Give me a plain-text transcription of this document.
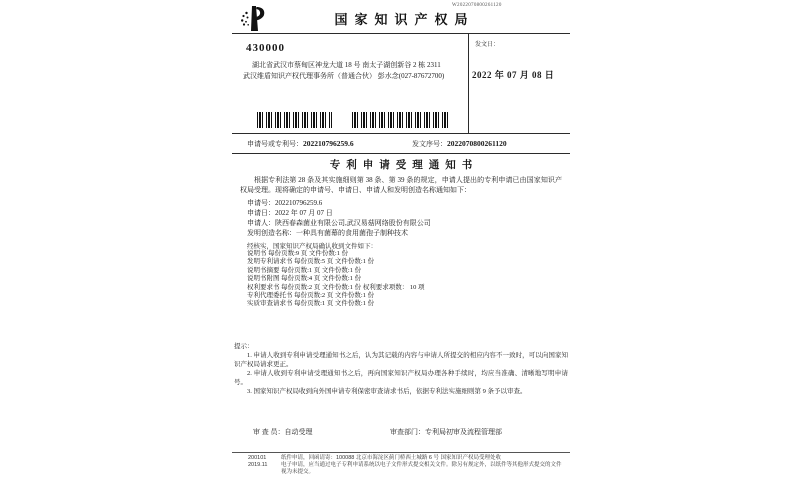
国家知识产权局
W2022070800261120
430000
湖北省武汉市蔡甸区神龙大道 18 号 南太子湖创新谷 2 栋 2311
武汉维盾知识产权代理事务所（普通合伙） 彭水念(027-87672700)
发文日：
2022 年 07 月 08 日
申请号或专利号：202210796259.6	发文序号：2022070800261120
专利申请受理通知书

根据专利法第 28 条及其实施细则第 38 条、第 39 条的规定，申请人提出的专利申请已由国家知识产权局受理。现将确定的申请号、申请日、申请人和发明创造名称通知如下：

申请号：202210796259.6
申请日：2022 年 07 月 07 日
申请人：陕西春森菌业有限公司,武汉易菇网络股份有限公司
发明创造名称：一种具有菌幕的食用菌孢子制种技术
经核实，国家知识产权局确认收到文件如下：
说明书 每份页数:9 页 文件份数:1 份
发明专利请求书 每份页数:5 页 文件份数:1 份
说明书摘要 每份页数:1 页 文件份数:1 份
说明书附图 每份页数:4 页 文件份数:1 份
权利要求书 每份页数:2 页 文件份数:1 份 权利要求项数： 10 项
专利代理委托书 每份页数:2 页 文件份数:1 份
实质审查请求书 每份页数:1 页 文件份数:1 份

提示：

1. 申请人收到专利申请受理通知书之后，认为其记载的内容与申请人所提交的相应内容不一致时，可以向国家知识产权局请求更正。

2. 申请人收到专利申请受理通知书之后，再向国家知识产权局办理各种手续时，均应当准确、清晰地写明申请号。

3. 国家知识产权局收到向外国申请专利保密审查请求书后，依据专利法实施细则第 9 条予以审查。

审 查 员：自动受理	审查部门：专利局初审及流程管理部
200101	纸件申请，回函请寄：100088 北京市海淀区蓟门桥西土城路 6 号 国家知识产权局受理处收
2019.11	电子申请，应当通过电子专利申请系统以电子文件形式提交相关文件。除另有规定外，以纸件等其他形式提交的文件视为未提交。
